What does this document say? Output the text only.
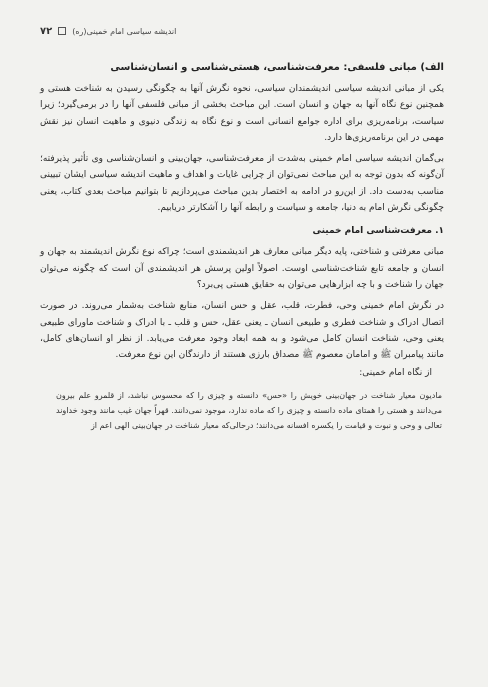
۷۲	اندیشه سیاسی امام خمینی(ره)
الف) مبانی فلسفی: معرفت‌شناسی، هستی‌شناسی و انسان‌شناسی

یکی از مبانی اندیشه سیاسی اندیشمندان سیاسی، نحوه نگرش آنها به چگونگی رسیدن به شناخت هستی و همچنین نوع نگاه آنها به جهان و انسان است. این مباحث بخشی از مبانی فلسفی آنها را در برمی‌گیرد؛ زیرا سیاست، برنامه‌ریزی برای اداره جوامع انسانی است و نوع نگاه به زندگی دنیوی و ماهیت انسان نیز نقش مهمی در این برنامه‌ریزی‌ها دارد.

بی‌گمان اندیشه سیاسی امام خمینی به‌شدت از معرفت‌شناسی، جهان‌بینی و انسان‌شناسی وی تأثیر پذیرفته؛ آن‌گونه که بدون توجه به این مباحث نمی‌توان از چرایی غایات و اهداف و ماهیت اندیشه سیاسی ایشان تبیینی مناسب به‌دست داد. از این‌رو در ادامه به اختصار بدین مباحث می‌پردازیم تا بتوانیم مباحث بعدی کتاب، یعنی چگونگی نگرش امام به دنیا، جامعه و سیاست و رابطه آنها را آشکارتر دریابیم.

۱. معرفت‌شناسی امام خمینی

مبانی معرفتی و شناختی، پایه دیگر مبانی معارف هر اندیشمندی است؛ چراکه نوع نگرش اندیشمند به جهان و انسان و جامعه تابع شناخت‌شناسی اوست. اصولاً اولین پرسش هر اندیشمندی آن است که چگونه می‌توان جهان را شناخت و با چه ابزارهایی می‌توان به حقایق هستی پی‌برد؟

در نگرش امام خمینی وحی، فطرت، قلب، عقل و حس انسان، منابع شناخت به‌شمار می‌روند. در صورت اتصال ادراک و شناخت فطری و طبیعی انسان ـ یعنی عقل، حس و قلب ـ با ادراک و شناخت ماورای طبیعی یعنی وحی، شناخت انسان کامل می‌شود و به همه ابعاد وجود معرفت می‌یابد. از نظر او انسان‌های کامل، مانند پیامبران ﷺ و امامان معصوم ﷺ مصداق بارزی هستند از دارندگان این نوع معرفت.

از نگاه امام خمینی:
مادیون معیار شناخت در جهان‌بینی خویش را «حس» دانسته و چیزی را که محسوس نباشد، از قلمرو علم بیرون می‌دانند و هستی را همتای ماده دانسته و چیزی را که ماده ندارد، موجود نمی‌دانند. قهراً جهان غیب مانند وجود خداوند تعالی و وحی و نبوت و قیامت را یکسره افسانه می‌دانند؛ درحالی‌که معیار شناخت در جهان‌بینی الهی اعم از
